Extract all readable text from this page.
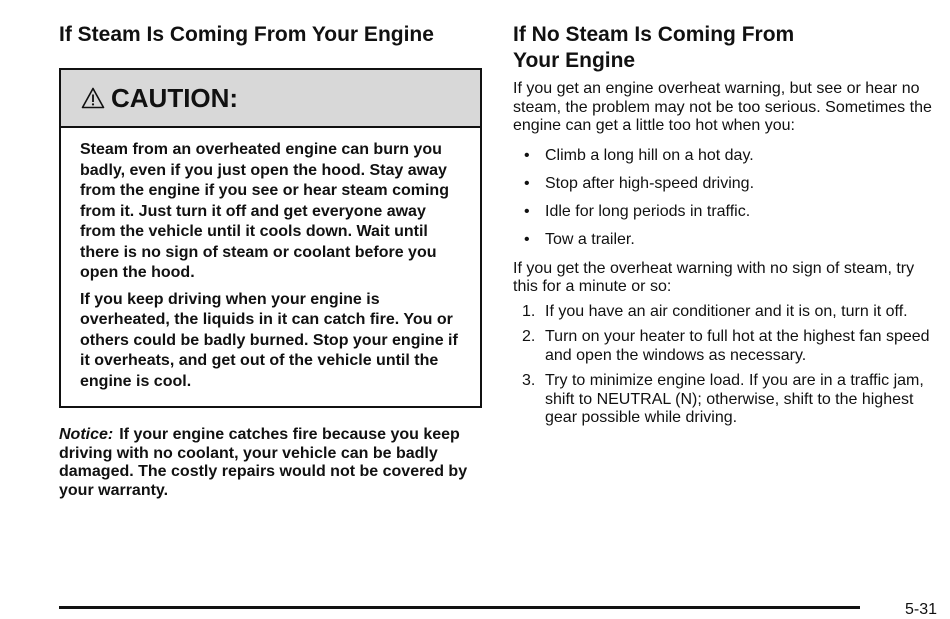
If Steam Is Coming From Your Engine
CAUTION:

Steam from an overheated engine can burn you badly, even if you just open the hood. Stay away from the engine if you see or hear steam coming from it. Just turn it off and get everyone away from the vehicle until it cools down. Wait until there is no sign of steam or coolant before you open the hood.

If you keep driving when your engine is overheated, the liquids in it can catch fire. You or others could be badly burned. Stop your engine if it overheats, and get out of the vehicle until the engine is cool.

Notice: If your engine catches fire because you keep driving with no coolant, your vehicle can be badly damaged. The costly repairs would not be covered by your warranty.
If No Steam Is Coming From
Your Engine

If you get an engine overheat warning, but see or hear no steam, the problem may not be too serious. Sometimes the engine can get a little too hot when you:

• Climb a long hill on a hot day.
• Stop after high-speed driving.
• Idle for long periods in traffic.
• Tow a trailer.

If you get the overheat warning with no sign of steam, try this for a minute or so:

1. If you have an air conditioner and it is on, turn it off.
2. Turn on your heater to full hot at the highest fan speed and open the windows as necessary.
3. Try to minimize engine load. If you are in a traffic jam, shift to NEUTRAL (N); otherwise, shift to the highest gear possible while driving.
5-31
